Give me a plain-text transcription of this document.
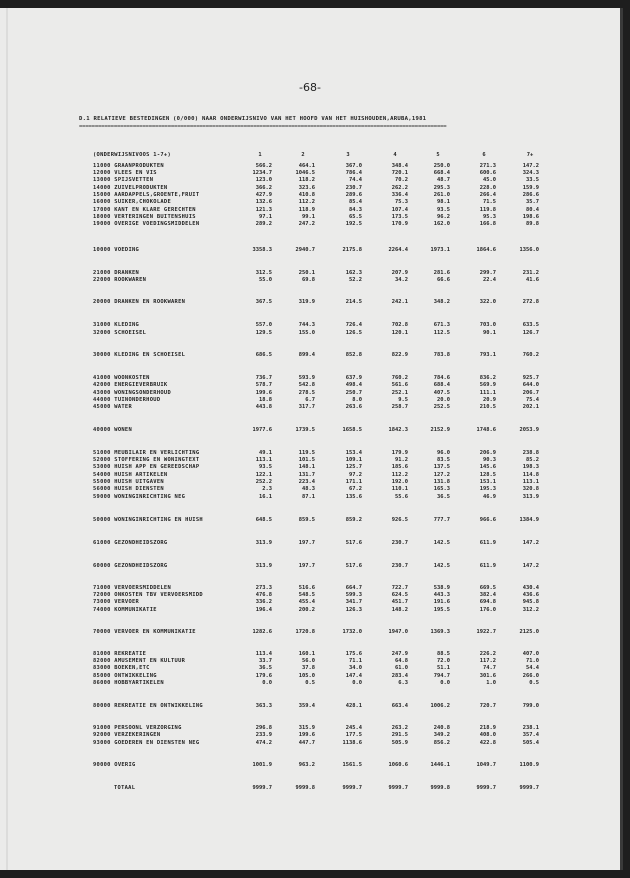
-68-
D.1 RELATIEVE BESTEDINGEN (0/000) NAAR ONDERWIJSNIVO VAN HET HOOFD VAN HET HUISHOUDEN,ARUBA,1981
====================================================================================================================
(ONDERWIJSNIVOOS 1-7+)	1	2	3	4	5	6	7+
11000 GRAANPRODUKTEN	566.2	464.1	367.0	348.4	250.0	271.3	147.2
12000 VLEES EN VIS	1234.7	1046.5	786.4	720.1	668.4	600.6	324.3
13000 SPIJSVETTEN	123.0	118.2	74.4	70.2	48.7	45.0	33.5
14000 ZUIVELPRODUKTEN	366.2	323.6	230.7	262.2	295.3	228.0	159.9
15000 AARDAPPELS,GROENTE,FRUIT	427.9	410.8	289.6	336.4	261.0	266.4	286.6
16000 SUIKER,CHOKOLADE	132.6	112.2	85.4	75.3	98.1	71.5	35.7
17000 KANT EN KLARE GERECHTEN	121.3	118.9	84.3	107.4	93.5	119.8	80.4
18000 VERTERINGEN BUITENSHUIS	97.1	99.1	65.5	173.5	96.2	95.3	198.6
19000 OVERIGE VOEDINGSMIDDELEN	289.2	247.2	192.5	170.9	162.0	166.8	89.8
10000 VOEDING	3358.3	2940.7	2175.8	2264.4	1973.1	1864.6	1356.0
21000 DRANKEN	312.5	250.1	162.3	207.9	281.6	299.7	231.2
22000 ROOKWAREN	55.0	69.8	52.2	34.2	66.6	22.4	41.6
20000 DRANKEN EN ROOKWAREN	367.5	319.9	214.5	242.1	348.2	322.0	272.8
31000 KLEDING	557.0	744.3	726.4	702.8	671.3	703.0	633.5
32000 SCHOEISEL	129.5	155.0	126.5	120.1	112.5	90.1	126.7
30000 KLEDING EN SCHOEISEL	686.5	899.4	852.8	822.9	783.8	793.1	760.2
41000 WOONKOSTEN	736.7	593.9	637.9	760.2	784.6	836.2	925.7
42000 ENERGIEVERBRUIK	578.7	542.8	498.4	561.6	688.4	569.9	644.0
43000 WONINGSONDERHOUD	199.6	278.5	250.7	252.1	407.5	111.1	206.7
44000 TUINONDERHOUD	18.8	6.7	8.0	9.5	20.0	20.9	75.4
45000 WATER	443.8	317.7	263.6	258.7	252.5	210.5	202.1
40000 WONEN	1977.6	1739.5	1658.5	1842.3	2152.9	1748.6	2053.9
51000 MEUBILAIR EN VERLICHTING	49.1	119.5	153.4	179.9	96.0	206.9	238.8
52000 STOFFERING EN WONINGTEXT	113.1	101.5	109.1	91.2	83.5	90.3	85.2
53000 HUISH APP EN GEREEDSCHAP	93.5	148.1	125.7	185.6	137.5	145.6	198.3
54000 HUISH ARTIKELEN	122.1	131.7	97.2	112.2	127.2	128.5	114.8
55000 HUISH UITGAVEN	252.2	223.4	171.1	192.0	131.8	153.1	113.1
56000 HUISH DIENSTEN	2.3	48.3	67.2	110.1	165.3	195.3	320.8
59000 WONINGINRICHTING NEG	16.1	87.1	135.6	55.6	36.5	46.9	313.9
50000 WONINGINRICHTING EN HUISH	648.5	859.5	859.2	926.5	777.7	966.6	1384.9
61000 GEZONDHEIDSZORG	313.9	197.7	517.6	230.7	142.5	611.9	147.2
60000 GEZONDHEIDSZORG	313.9	197.7	517.6	230.7	142.5	611.9	147.2
71000 VERVOERSMIDDELEN	273.3	516.6	664.7	722.7	538.9	669.5	430.4
72000 ONKOSTEN TBV VERVOERSMIDD	476.8	548.5	599.3	624.5	443.3	382.4	436.6
73000 VERVOER	336.2	455.4	341.7	451.7	191.6	694.8	945.8
74000 KOMMUNIKATIE	196.4	200.2	126.3	148.2	195.5	176.0	312.2
70000 VERVOER EN KOMMUNIKATIE	1282.6	1720.8	1732.0	1947.0	1369.3	1922.7	2125.0
81000 REKREATIE	113.4	160.1	175.6	247.9	88.5	226.2	407.0
82000 AMUSEMENT EN KULTUUR	33.7	56.0	71.1	64.8	72.0	117.2	71.0
83000 BOEKEN,ETC	36.5	37.8	34.0	61.0	51.1	74.7	54.4
85000 ONTWIKKELING	179.6	105.0	147.4	283.4	794.7	301.6	266.0
86000 HOBBYARTIKELEN	0.0	0.5	0.0	6.3	0.0	1.0	0.5
80000 REKREATIE EN ONTWIKKELING	363.3	359.4	428.1	663.4	1006.2	720.7	799.0
91000 PERSOONL VERZORGING	296.8	315.9	245.4	263.2	240.8	218.9	238.1
92000 VERZEKERINGEN	233.9	199.6	177.5	291.5	349.2	408.0	357.4
93000 GOEDEREN EN DIENSTEN NEG	474.2	447.7	1138.6	505.9	856.2	422.8	505.4
90000 OVERIG	1001.9	963.2	1561.5	1060.6	1446.1	1049.7	1100.9
TOTAAL	9999.7	9999.8	9999.7	9999.7	9999.8	9999.7	9999.7
